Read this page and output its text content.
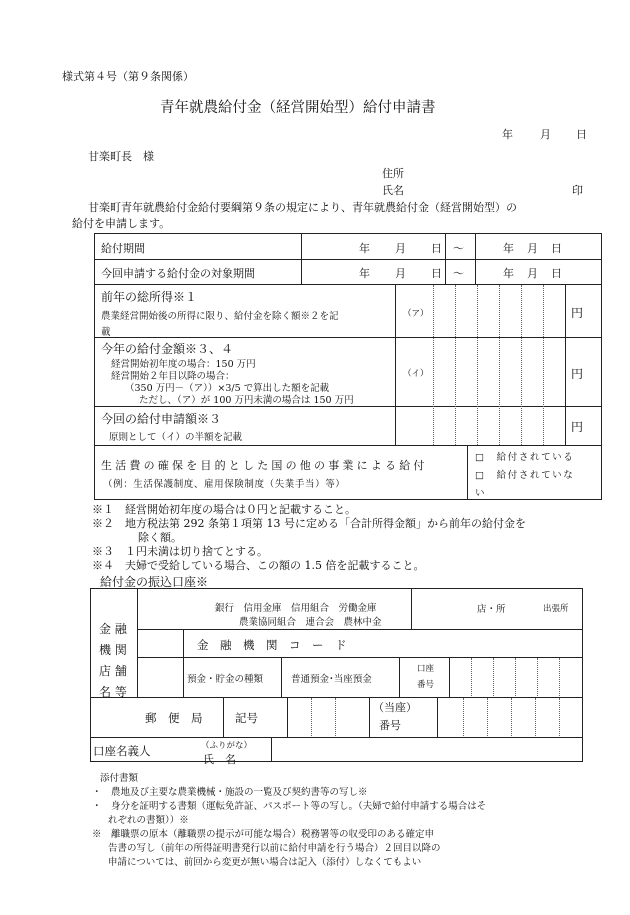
様式第４号（第９条関係）
青年就農給付金（経営開始型）給付申請書
年 月 日
甘楽町長　様
住所
氏名	印
甘楽町青年就農給付金給付要綱第９条の規定により、青年就農給付金（経営開始型）の
給付を申請します。
給付期間	年 月 日 ～	年 月 日
今回申請する給付金の対象期間	年 月 日 ～	年 月 日
前年の総所得※１
農業経営開始後の所得に限り、給付金を除く額※２を記
載
（ア）	円
今年の給付金額※３、４
経営開始初年度の場合：150 万円
経営開始２年目以降の場合：
（350 万円－（ア））×3/5 で算出した額を記載
ただし、（ア）が 100 万円未満の場合は 150 万円
（イ）	円
今回の給付申請額※３
原則として（イ）の半額を記載
円
生活費の確保を目的とした国の他の事業による給付
（例：生活保護制度、雇用保険制度（失業手当）等）
□　給付されている
□　給付されていな
い
※１　経営開始初年度の場合は０円と記載すること。
※２　地方税法第 292 条第１項第 13 号に定める「合計所得金額」から前年の給付金を
除く額。
※３　１円未満は切り捨てとする。
※４　夫婦で受給している場合、この額の 1.5 倍を記載すること。
給付金の振込口座※
金 融
機 関
店 舗
名 等
銀行　信用金庫　信用組合　労働金庫
農業協同組合　連合会　農林中金
店・所	出張所
金　融　機　関　コ　ー　ド
預金・貯金の種類	普通預金･当座預金
口座
番号
郵　便　局	記号
（当座）
番号
口座名義人	（ふりがな）
氏　名
添付書類
・　農地及び主要な農業機械・施設の一覧及び契約書等の写し※
・　身分を証明する書類（運転免許証、パスポート等の写し。（夫婦で給付申請する場合はそ
れぞれの書類））※
※　離職票の原本（離職票の提示が可能な場合）税務署等の収受印のある確定申
告書の写し（前年の所得証明書発行以前に給付申請を行う場合）２回目以降の
申請については、前回から変更が無い場合は記入（添付）しなくてもよい
